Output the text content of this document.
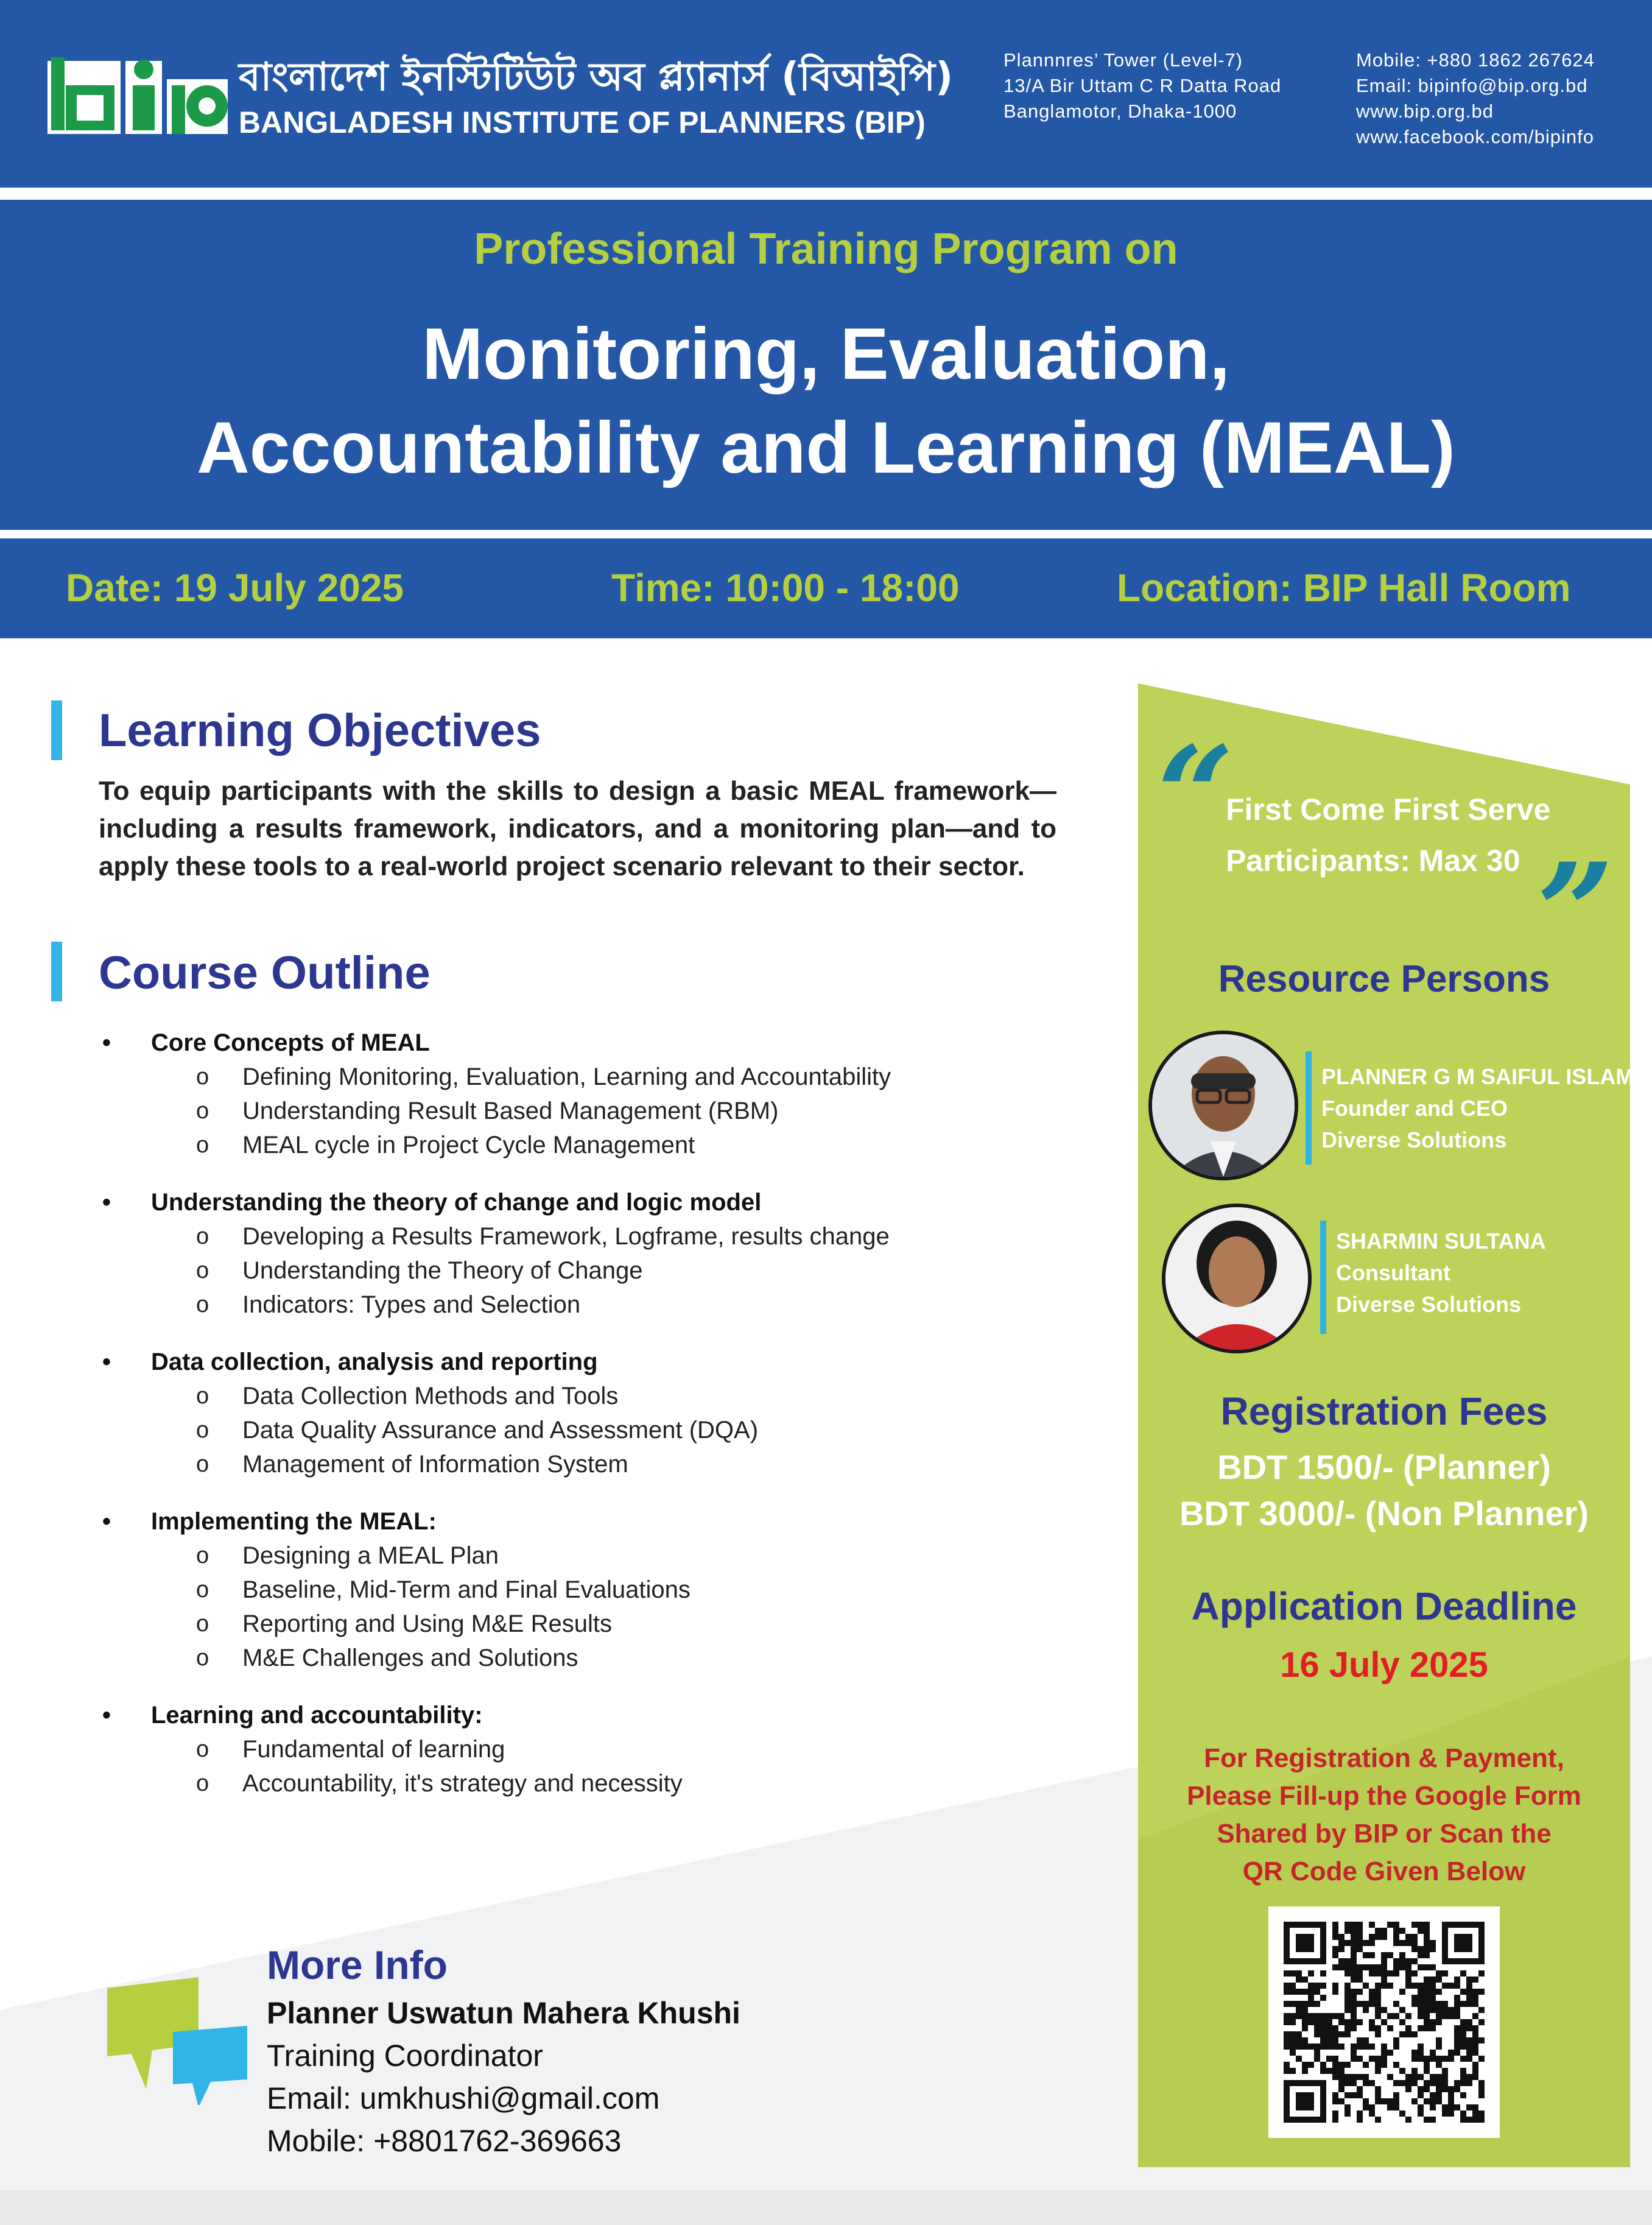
বাংলাদেশ ইনস্টিটিউট অব প্ল্যানার্স (বিআইপি)
BANGLADESH INSTITUTE OF PLANNERS (BIP)
Plannnres’ Tower (Level-7)
13/A Bir Uttam C R Datta Road
Banglamotor, Dhaka-1000
Mobile: +880 1862 267624
Email: bipinfo@bip.org.bd
www.bip.org.bd
www.facebook.com/bipinfo
Professional Training Program on
Monitoring, Evaluation,
Accountability and Learning (MEAL)
Date: 19 July 2025	Time: 10:00 - 18:00	Location: BIP Hall Room
Learning Objectives
To equip participants with the skills to design a basic MEAL framework—including a results framework, indicators, and a monitoring plan—and to apply these tools to a real-world project scenario relevant to their sector.
Course Outline
• Core Concepts of MEAL
o Defining Monitoring, Evaluation, Learning and Accountability
o Understanding Result Based Management (RBM)
o MEAL cycle in Project Cycle Management
• Understanding the theory of change and logic model
o Developing a Results Framework, Logframe, results change
o Understanding the Theory of Change
o Indicators: Types and Selection
• Data collection, analysis and reporting
o Data Collection Methods and Tools
o Data Quality Assurance and Assessment (DQA)
o Management of Information System
• Implementing the MEAL:
o Designing a MEAL Plan
o Baseline, Mid-Term and Final Evaluations
o Reporting and Using M&E Results
o M&E Challenges and Solutions
• Learning and accountability:
o Fundamental of learning
o Accountability, it's strategy and necessity
“
”
First Come First Serve
Participants: Max 30
Resource Persons
PLANNER G M SAIFUL ISLAM
Founder and CEO
Diverse Solutions
SHARMIN SULTANA
Consultant
Diverse Solutions
Registration Fees
BDT 1500/- (Planner)
BDT 3000/- (Non Planner)
Application Deadline
16 July 2025
For Registration & Payment,
Please Fill-up the Google Form
Shared by BIP or Scan the
QR Code Given Below
More Info
Planner Uswatun Mahera Khushi
Training Coordinator
Email: umkhushi@gmail.com
Mobile: +8801762-369663
